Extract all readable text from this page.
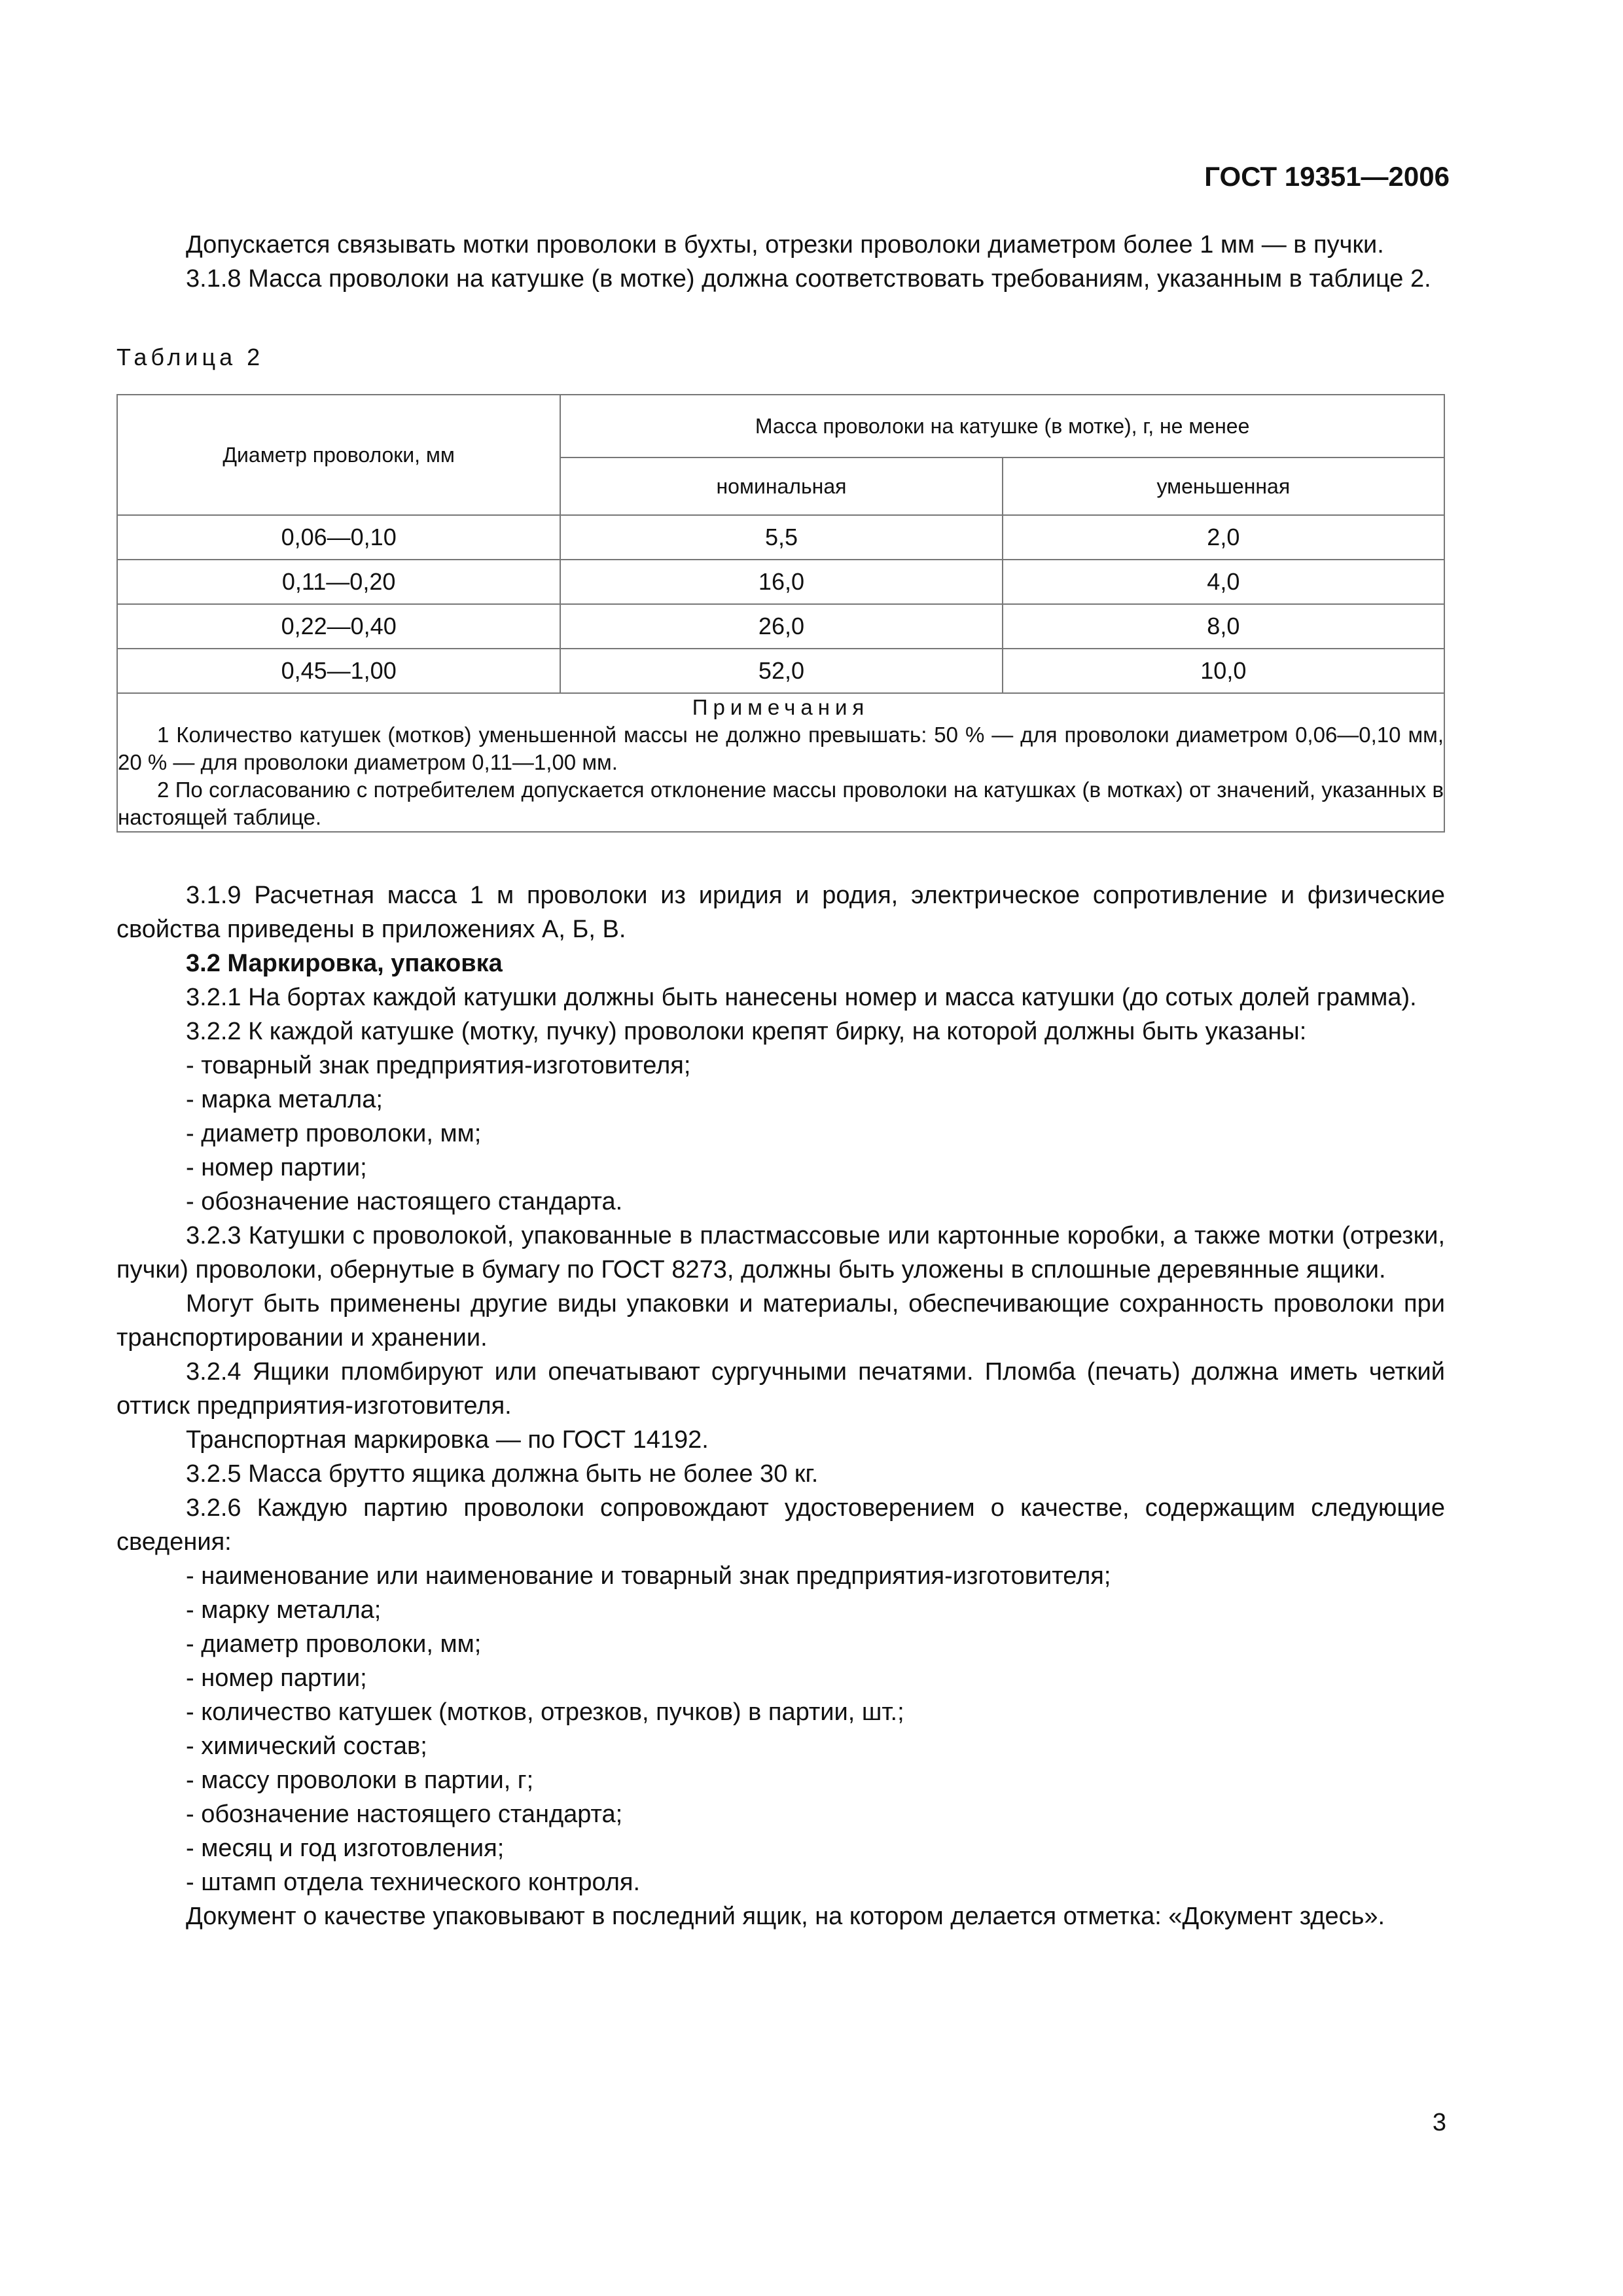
ГОСТ 19351—2006

Допускается связывать мотки проволоки в бухты, отрезки проволоки диаметром более 1 мм — в пучки.

3.1.8 Масса проволоки на катушке (в мотке) должна соответствовать требованиям, указанным в таблице 2.

Таблица 2

Диаметр проволоки, мм	Масса проволоки на катушке (в мотке), г, не менее	
	номинальная	уменьшенная
0,06—0,10	5,5	2,0
0,11—0,20	16,0	4,0
0,22—0,40	26,0	8,0
0,45—1,00	52,0	10,0

Примечания
1 Количество катушек (мотков) уменьшенной массы не должно превышать: 50 % — для проволоки диаметром 0,06—0,10 мм, 20 % — для проволоки диаметром 0,11—1,00 мм.
2 По согласованию с потребителем допускается отклонение массы проволоки на катушках (в мотках) от значений, указанных в настоящей таблице.		

3.1.9 Расчетная масса 1 м проволоки из иридия и родия, электрическое сопротивление и физические свойства приведены в приложениях А, Б, В.

3.2 Маркировка, упаковка

3.2.1 На бортах каждой катушки должны быть нанесены номер и масса катушки (до сотых долей грамма).

3.2.2 К каждой катушке (мотку, пучку) проволоки крепят бирку, на которой должны быть указаны:

- товарный знак предприятия-изготовителя;
- марка металла;
- диаметр проволоки, мм;
- номер партии;
- обозначение настоящего стандарта.

3.2.3 Катушки с проволокой, упакованные в пластмассовые или картонные коробки, а также мотки (отрезки, пучки) проволоки, обернутые в бумагу по ГОСТ 8273, должны быть уложены в сплошные деревянные ящики.

Могут быть применены другие виды упаковки и материалы, обеспечивающие сохранность проволоки при транспортировании и хранении.

3.2.4 Ящики пломбируют или опечатывают сургучными печатями. Пломба (печать) должна иметь четкий оттиск предприятия-изготовителя.

Транспортная маркировка — по ГОСТ 14192.

3.2.5 Масса брутто ящика должна быть не более 30 кг.

3.2.6 Каждую партию проволоки сопровождают удостоверением о качестве, содержащим следующие сведения:

- наименование или наименование и товарный знак предприятия-изготовителя;
- марку металла;
- диаметр проволоки, мм;
- номер партии;
- количество катушек (мотков, отрезков, пучков) в партии, шт.;
- химический состав;
- массу проволоки в партии, г;
- обозначение настоящего стандарта;
- месяц и год изготовления;
- штамп отдела технического контроля.

Документ о качестве упаковывают в последний ящик, на котором делается отметка: «Документ здесь».

3
